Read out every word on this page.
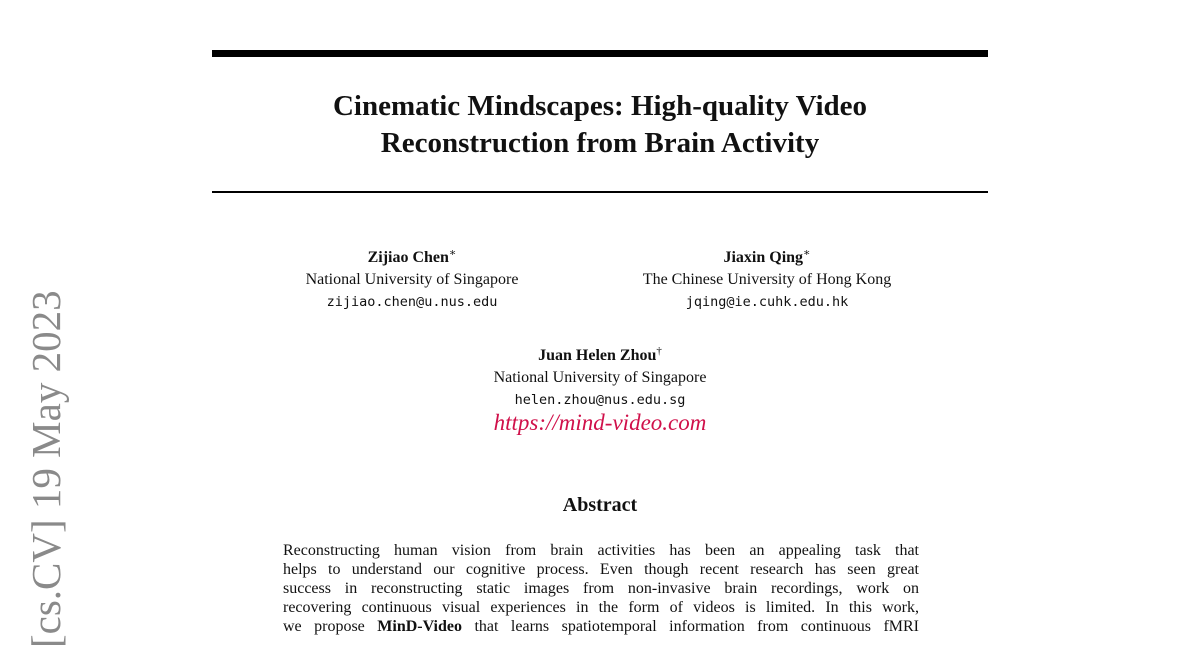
Cinematic Mindscapes: High-quality Video
Reconstruction from Brain Activity
Zijiao Chen∗
National University of Singapore
zijiao.chen@u.nus.edu
Jiaxin Qing∗
The Chinese University of Hong Kong
jqing@ie.cuhk.edu.hk
Juan Helen Zhou†
National University of Singapore
helen.zhou@nus.edu.sg
https://mind-video.com
Abstract
Reconstructing human vision from brain activities has been an appealing task that
helps to understand our cognitive process. Even though recent research has seen great
success in reconstructing static images from non-invasive brain recordings, work on
recovering continuous visual experiences in the form of videos is limited. In this work,
we propose MinD-Video that learns spatiotemporal information from continuous fMRI
[cs.CV] 19 May 2023
